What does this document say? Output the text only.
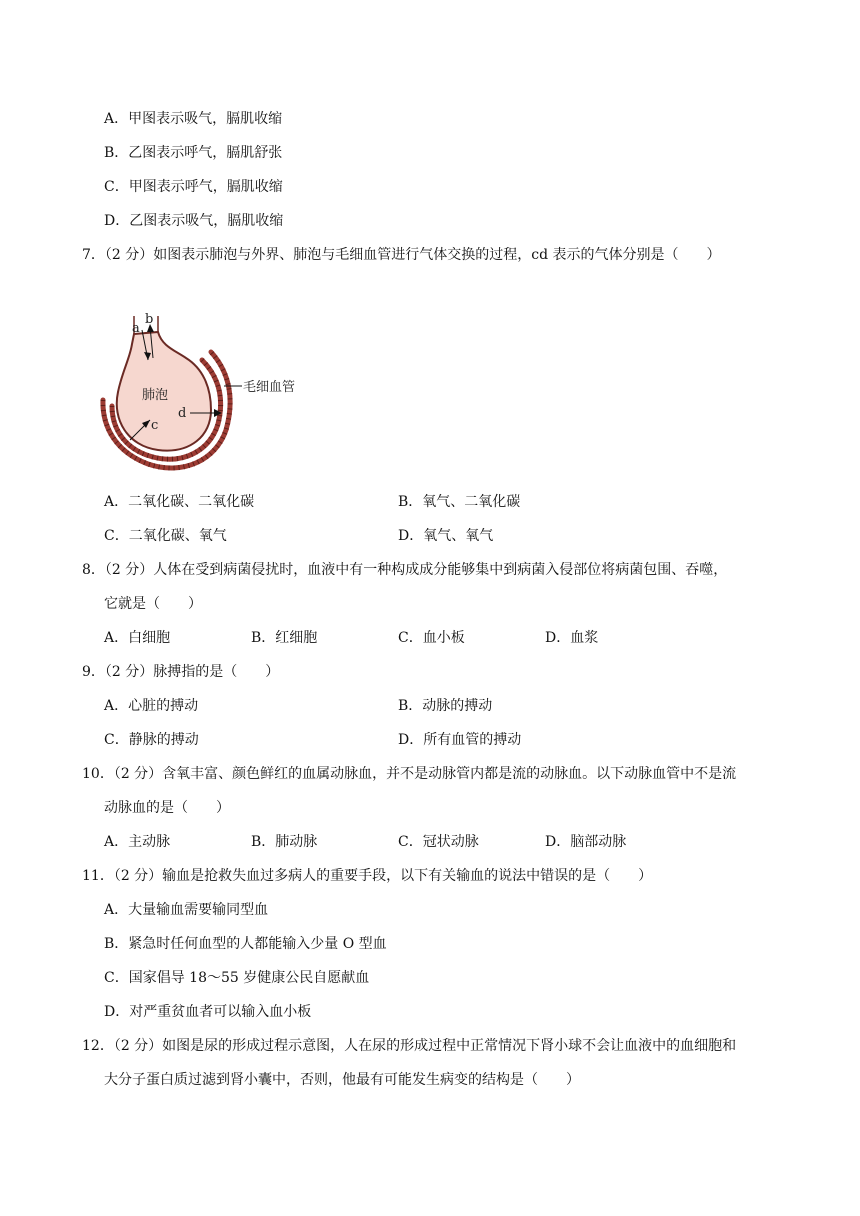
A．甲图表示吸气，膈肌收缩
B．乙图表示呼气，膈肌舒张
C．甲图表示呼气，膈肌收缩
D．乙图表示吸气，膈肌收缩
7．（2 分）如图表示肺泡与外界、肺泡与毛细血管进行气体交换的过程，cd 表示的气体分别是（　　）
a
b
c
d
肺泡
毛细血管
A．二氧化碳、二氧化碳	B．氧气、二氧化碳
C．二氧化碳、氧气	D．氧气、氧气
8．（2 分）人体在受到病菌侵扰时，血液中有一种构成成分能够集中到病菌入侵部位将病菌包围、吞噬，
它就是（　　）
A．白细胞	B．红细胞	C．血小板	D．血浆
9．（2 分）脉搏指的是（　　）
A．心脏的搏动	B．动脉的搏动
C．静脉的搏动	D．所有血管的搏动
10．（2 分）含氧丰富、颜色鲜红的血属动脉血，并不是动脉管内都是流的动脉血。以下动脉血管中不是流
动脉血的是（　　）
A．主动脉	B．肺动脉	C．冠状动脉	D．脑部动脉
11．（2 分）输血是抢救失血过多病人的重要手段，以下有关输血的说法中错误的是（　　）
A．大量输血需要输同型血
B．紧急时任何血型的人都能输入少量 O 型血
C．国家倡导 18～55 岁健康公民自愿献血
D．对严重贫血者可以输入血小板
12．（2 分）如图是尿的形成过程示意图，人在尿的形成过程中正常情况下肾小球不会让血液中的血细胞和
大分子蛋白质过滤到肾小囊中，否则，他最有可能发生病变的结构是（　　）
